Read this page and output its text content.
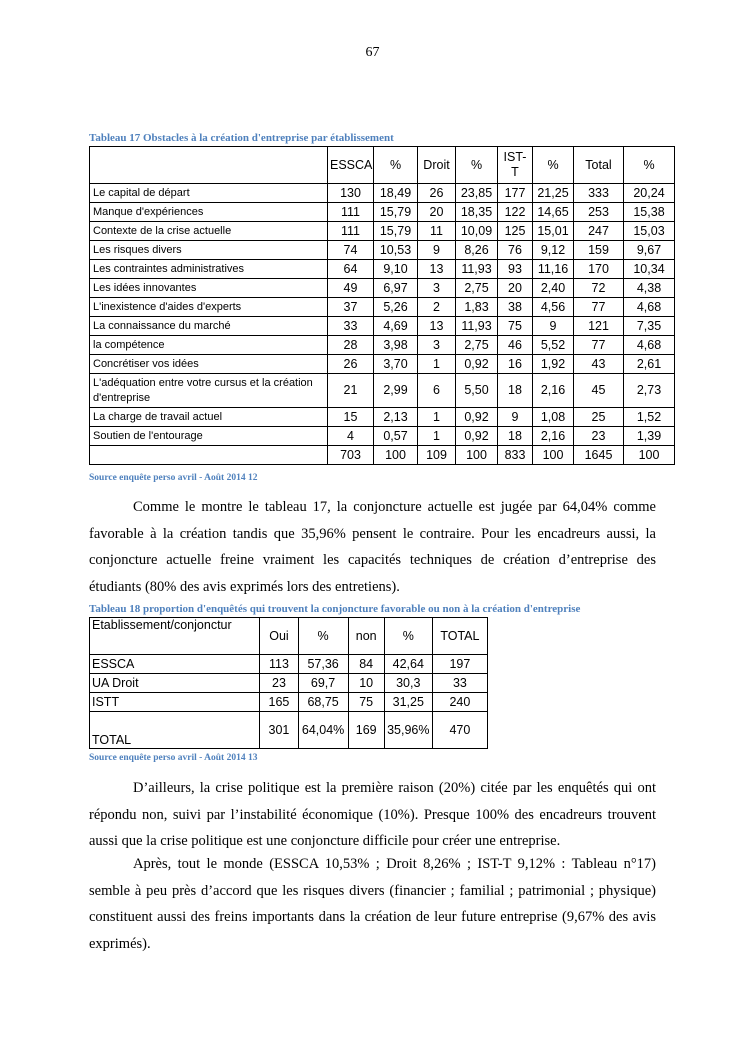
67
Tableau 17 Obstacles à la création d'entreprise par établissement
	ESSCA	%	Droit	%	IST-T	%	Total	%
Le capital de départ	130	18,49	26	23,85	177	21,25	333	20,24
Manque d'expériences	111	15,79	20	18,35	122	14,65	253	15,38
Contexte de la crise actuelle	111	15,79	11	10,09	125	15,01	247	15,03
Les risques divers	74	10,53	9	8,26	76	9,12	159	9,67
Les contraintes administratives	64	9,10	13	11,93	93	11,16	170	10,34
Les idées innovantes	49	6,97	3	2,75	20	2,40	72	4,38
L'inexistence d'aides d'experts	37	5,26	2	1,83	38	4,56	77	4,68
La connaissance du marché	33	4,69	13	11,93	75	9	121	7,35
la compétence	28	3,98	3	2,75	46	5,52	77	4,68
Concrétiser vos idées	26	3,70	1	0,92	16	1,92	43	2,61
L'adéquation entre votre cursus et la création d'entreprise	21	2,99	6	5,50	18	2,16	45	2,73
La charge de travail actuel	15	2,13	1	0,92	9	1,08	25	1,52
Soutien de l'entourage	4	0,57	1	0,92	18	2,16	23	1,39
	703	100	109	100	833	100	1645	100
Source enquête perso avril - Août 2014 12

Comme le montre le tableau 17, la conjoncture actuelle est jugée par 64,04% comme favorable à la création tandis que 35,96% pensent le contraire. Pour les encadreurs aussi, la conjoncture actuelle freine vraiment les capacités techniques de création d’entreprise des étudiants (80% des avis exprimés lors des entretiens).

Tableau 18 proportion d'enquêtés qui trouvent la conjoncture favorable ou non à la création d'entreprise
Etablissement/conjonctur	Oui	%	non	%	TOTAL
ESSCA	113	57,36	84	42,64	197
UA Droit	23	69,7	10	30,3	33
ISTT	165	68,75	75	31,25	240
TOTAL	301	64,04%	169	35,96%	470
Source enquête perso avril - Août 2014 13

D’ailleurs, la crise politique est la première raison (20%) citée par les enquêtés qui ont répondu non, suivi par l’instabilité économique (10%). Presque 100% des encadreurs trouvent aussi que la crise politique est une conjoncture difficile pour créer une entreprise.

Après, tout le monde (ESSCA 10,53% ; Droit 8,26% ; IST-T 9,12% : Tableau n°17) semble à peu près d’accord que les risques divers (financier ; familial ; patrimonial ; physique) constituent aussi des freins importants dans la création de leur future entreprise (9,67% des avis exprimés).
